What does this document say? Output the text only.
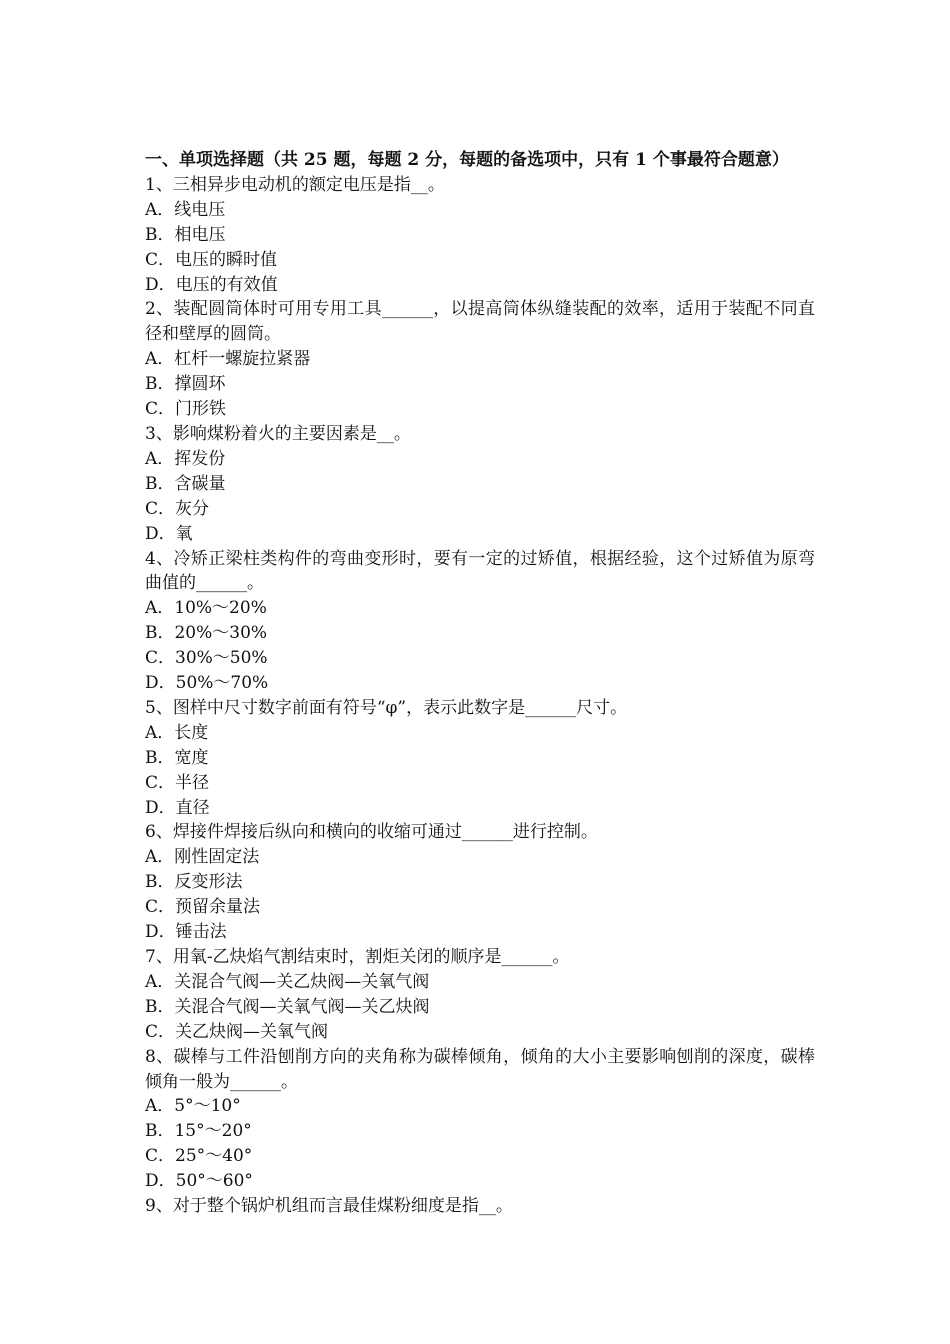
一、单项选择题（共 25 题，每题 2 分，每题的备选项中，只有 1 个事最符合题意）

1、三相异步电动机的额定电压是指__。

A．线电压

B．相电压

C．电压的瞬时值

D．电压的有效值

2、装配圆筒体时可用专用工具______，以提高筒体纵缝装配的效率，适用于装配不同直径和壁厚的圆筒。

A．杠杆一螺旋拉紧器

B．撑圆环

C．门形铁

3、影响煤粉着火的主要因素是__。

A．挥发份

B．含碳量

C．灰分

D．氧

4、冷矫正梁柱类构件的弯曲变形时，要有一定的过矫值，根据经验，这个过矫值为原弯曲值的______。

A．10%～20%

B．20%～30%

C．30%～50%

D．50%～70%

5、图样中尺寸数字前面有符号“φ”，表示此数字是______尺寸。

A．长度

B．宽度

C．半径

D．直径

6、焊接件焊接后纵向和横向的收缩可通过______进行控制。

A．刚性固定法

B．反变形法

C．预留余量法

D．锤击法

7、用氧-乙炔焰气割结束时，割炬关闭的顺序是______。

A．关混合气阀—关乙炔阀—关氧气阀

B．关混合气阀—关氧气阀—关乙炔阀

C．关乙炔阀—关氧气阀

8、碳棒与工件沿刨削方向的夹角称为碳棒倾角，倾角的大小主要影响刨削的深度，碳棒倾角一般为______。

A．5°～10°

B．15°～20°

C．25°～40°

D．50°～60°

9、对于整个锅炉机组而言最佳煤粉细度是指__。
